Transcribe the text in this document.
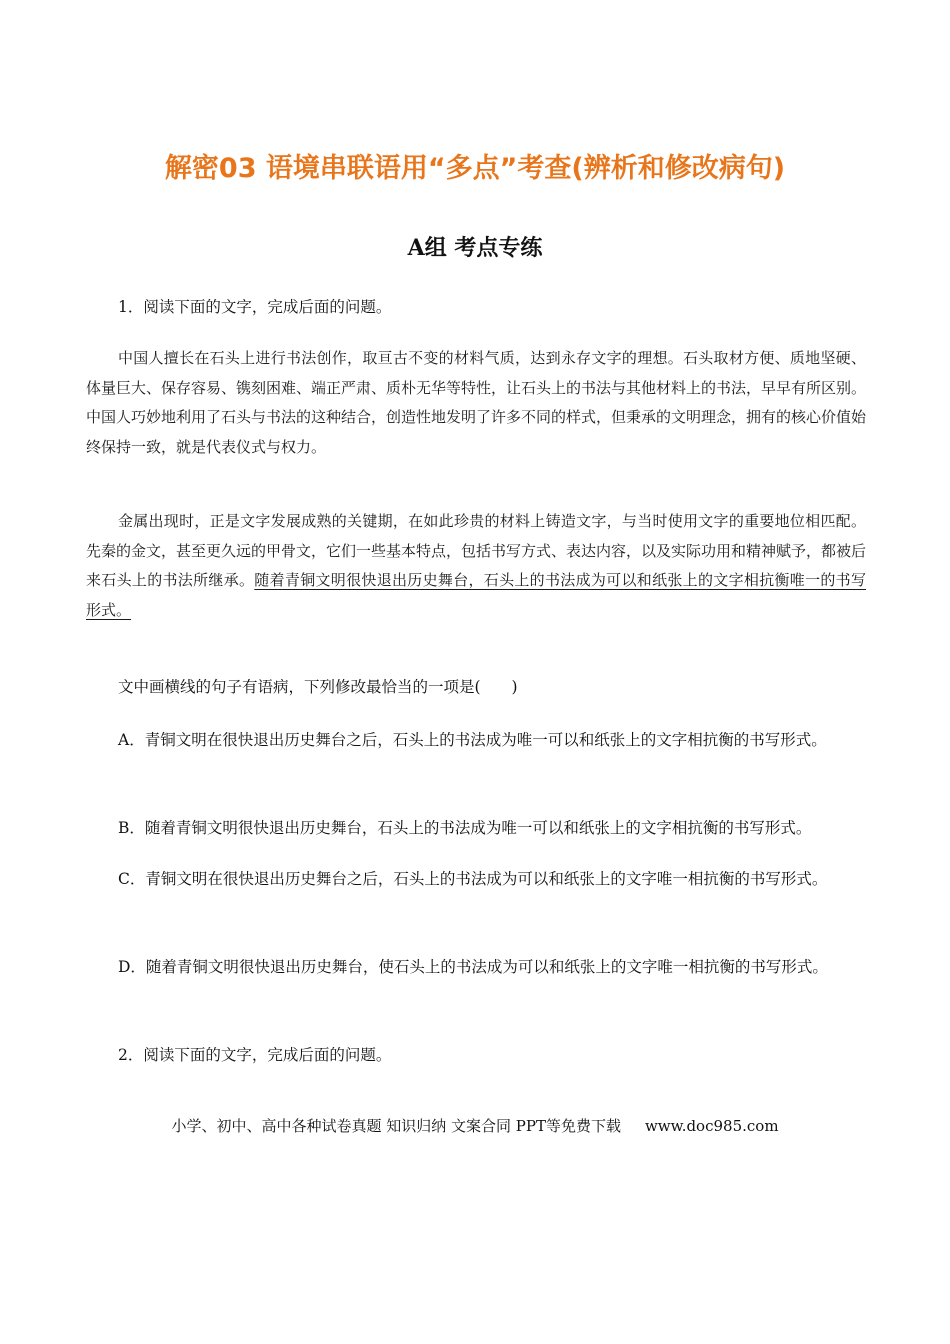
解密03 语境串联语用“多点”考查(辨析和修改病句)
A组 考点专练
1．阅读下面的文字，完成后面的问题。
中国人擅长在石头上进行书法创作，取亘古不变的材料气质，达到永存文字的理想。石头取材方便、质地坚硬、体量巨大、保存容易、镌刻困难、端正严肃、质朴无华等特性，让石头上的书法与其他材料上的书法，早早有所区别。中国人巧妙地利用了石头与书法的这种结合，创造性地发明了许多不同的样式，但秉承的文明理念，拥有的核心价值始终保持一致，就是代表仪式与权力。
金属出现时，正是文字发展成熟的关键期，在如此珍贵的材料上铸造文字，与当时使用文字的重要地位相匹配。先秦的金文，甚至更久远的甲骨文，它们一些基本特点，包括书写方式、表达内容，以及实际功用和精神赋予，都被后来石头上的书法所继承。随着青铜文明很快退出历史舞台，石头上的书法成为可以和纸张上的文字相抗衡唯一的书写形式。
文中画横线的句子有语病，下列修改最恰当的一项是(　　)
A．青铜文明在很快退出历史舞台之后，石头上的书法成为唯一可以和纸张上的文字相抗衡的书写形式。
B．随着青铜文明很快退出历史舞台，石头上的书法成为唯一可以和纸张上的文字相抗衡的书写形式。
C．青铜文明在很快退出历史舞台之后，石头上的书法成为可以和纸张上的文字唯一相抗衡的书写形式。
D．随着青铜文明很快退出历史舞台，使石头上的书法成为可以和纸张上的文字唯一相抗衡的书写形式。
2．阅读下面的文字，完成后面的问题。
小学、初中、高中各种试卷真题 知识归纳 文案合同 PPT等免费下载 www.doc985.com
